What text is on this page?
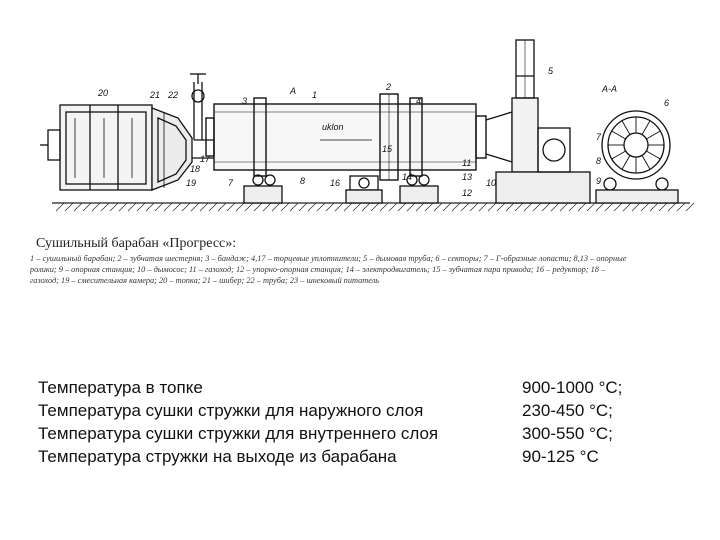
20	21 22
19
18
17
7	8
3
A 1
2
4
uklon
15
16
14	13
12
11
10
5
6
7
8
9
A-A
Сушильный барабан «Прогресс»:

1 – сушильный барабан; 2 – зубчатая шестерня; 3 – бандаж; 4,17 – торцевые уплотнители; 5 – дымовая труба; 6 – секторы; 7 – Г-образные лопасти; 8,13 – опорные

ролики; 9 – опорная станция; 10 – дымосос; 11 – газоход; 12 – упорно-опорная станция; 14 – электродвигатель; 15 – зубчатая пара привода; 16 – редуктор; 18 –

газоход; 19 – смесительная камера; 20 – топка; 21 – шибер; 22 – труба; 23 – шнековый питатель

Температура в топке	900-1000 °С;
Температура сушки стружки для наружного слоя	230-450 °С;
Температура сушки стружки для внутреннего слоя	300-550 °С;
Температура стружки на выходе из барабана	90-125 °С
